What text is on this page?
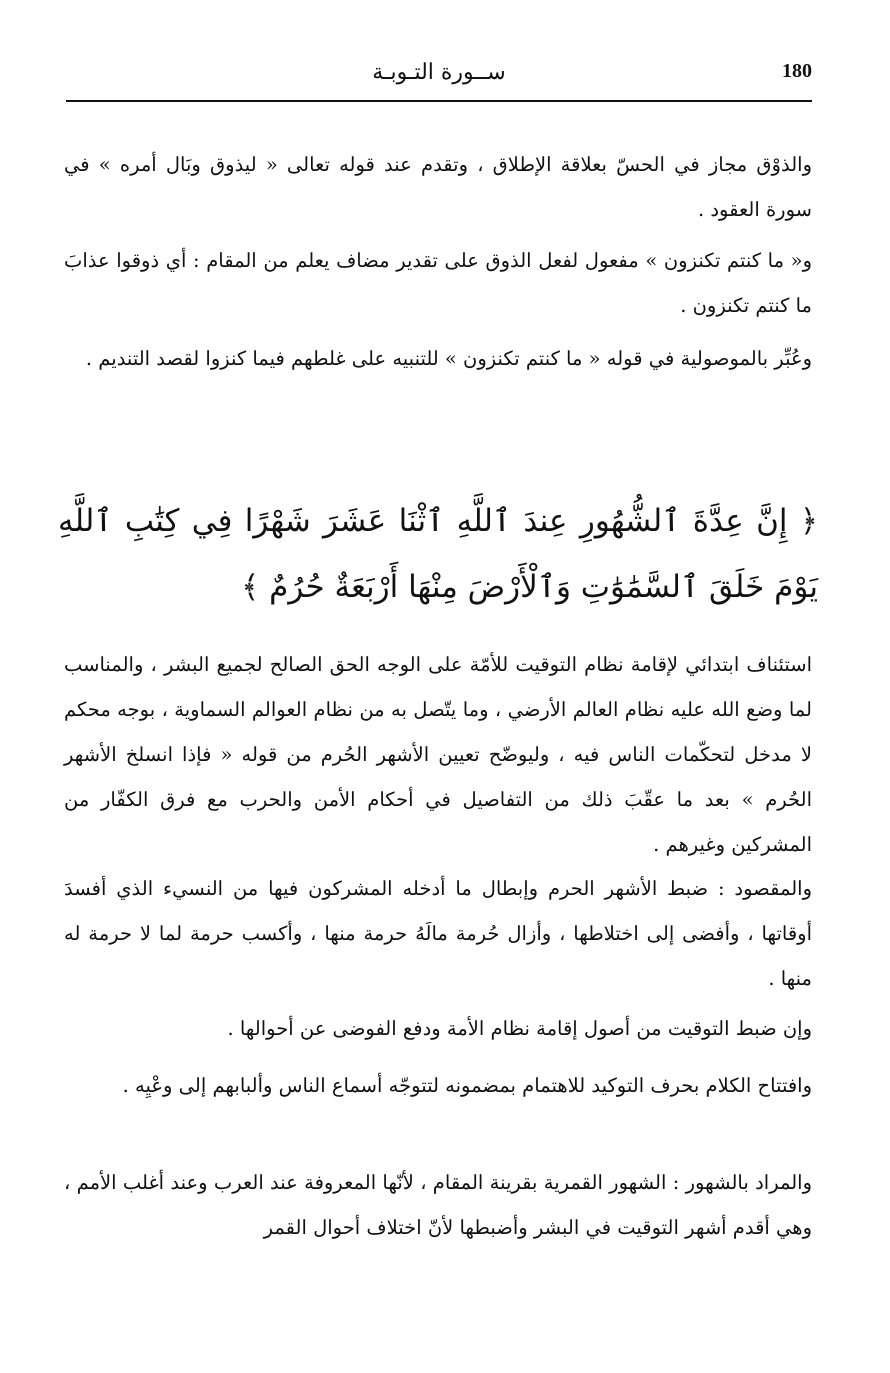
ســورة التـوبـة	180

والذوْق مجاز في الحسّ بعلاقة الإطلاق ، وتقدم عند قوله تعالى « ليذوق وبَال أمره » في سورة العقود .

و« ما كنتم تكنزون » مفعول لفعل الذوق على تقدير مضاف يعلم من المقام : أي ذوقوا عذابَ ما كنتم تكنزون .

وعُبِّر بالموصولية في قوله « ما كنتم تكنزون » للتنبيه على غلطهم فيما كنزوا لقصد التنديم .

﴿ إِنَّ عِدَّةَ ٱلشُّهُورِ عِندَ ٱللَّهِ ٱثْنَا عَشَرَ شَهْرًا فِي كِتَٰبِ ٱللَّهِ يَوْمَ خَلَقَ ٱلسَّمَٰوَٰتِ وَٱلْأَرْضَ مِنْهَا أَرْبَعَةٌ حُرُمٌ ﴾

استئناف ابتدائي لإقامة نظام التوقيت للأمّة على الوجه الحق الصالح لجميع البشر ، والمناسب لما وضع الله عليه نظام العالم الأرضي ، وما يتّصل به من نظام العوالم السماوية ، بوجه محكم لا مدخل لتحكّمات الناس فيه ، وليوضّح تعيين الأشهر الحُرم من قوله « فإذا انسلخ الأشهر الحُرم » بعد ما عقّبَ ذلك من التفاصيل في أحكام الأمن والحرب مع فرق الكفّار من المشركين وغيرهم .

والمقصود : ضبط الأشهر الحرم وإبطال ما أدخله المشركون فيها من النسيء الذي أفسدَ أوقاتها ، وأفضى إلى اختلاطها ، وأزال حُرمة مالَهُ حرمة منها ، وأكسب حرمة لما لا حرمة له منها .

وإن ضبط التوقيت من أصول إقامة نظام الأمة ودفع الفوضى عن أحوالها .

وافتتاح الكلام بحرف التوكيد للاهتمام بمضمونه لتتوجّه أسماع الناس وألبابهم إلى وعْيِه .

والمراد بالشهور : الشهور القمرية بقرينة المقام ، لأنّها المعروفة عند العرب وعند أغلب الأمم ، وهي أقدم أشهر التوقيت في البشر وأضبطها لأنّ اختلاف أحوال القمر
